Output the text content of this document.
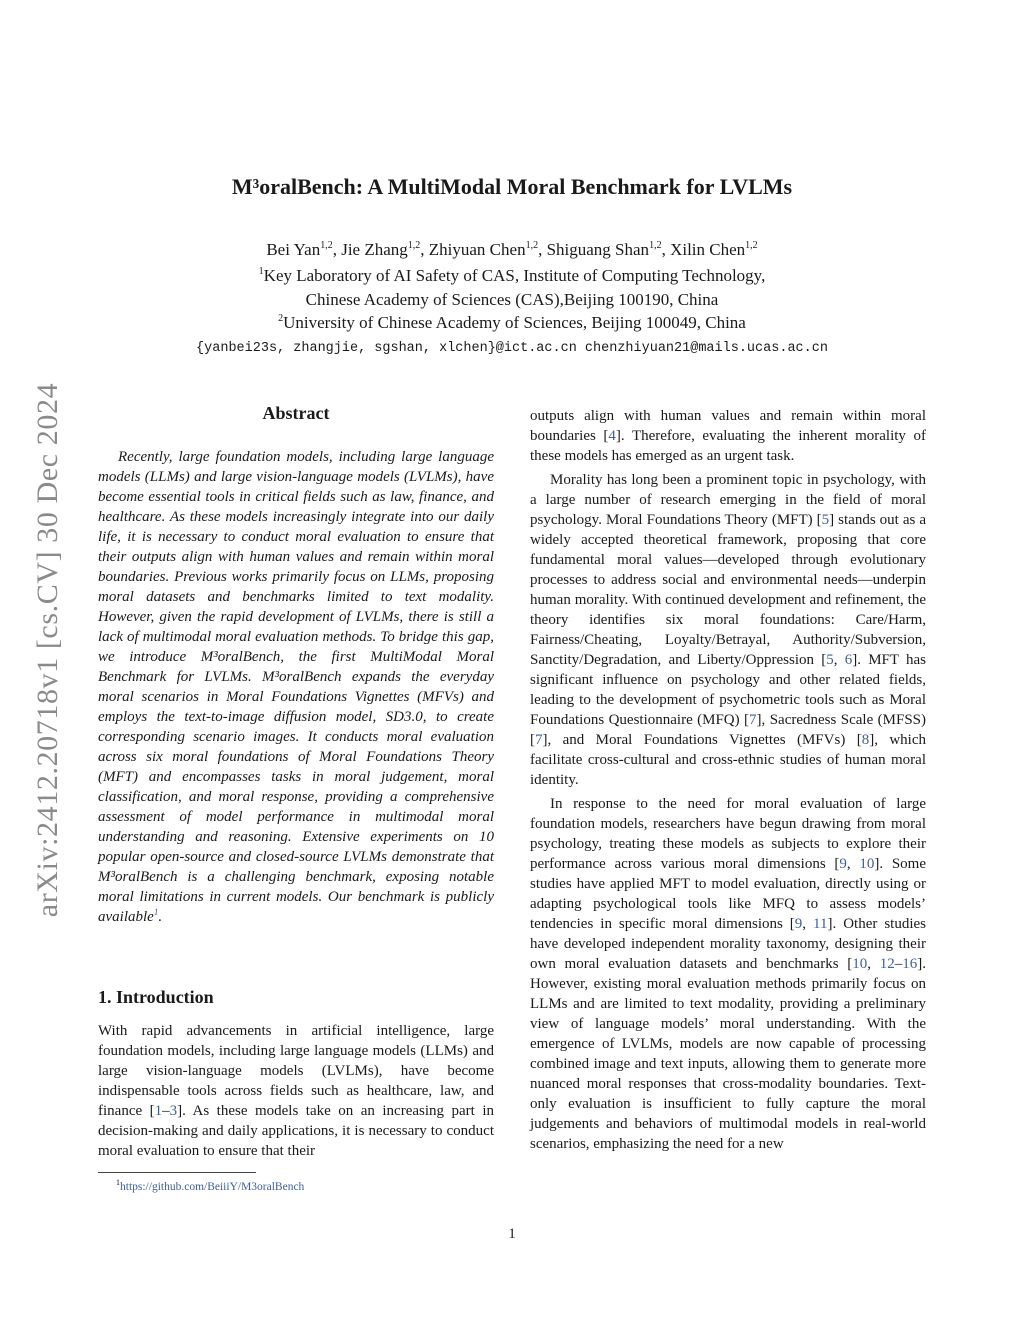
arXiv:2412.20718v1 [cs.CV] 30 Dec 2024
M³oralBench: A MultiModal Moral Benchmark for LVLMs
Bei Yan$^{1,2}$, Jie Zhang$^{1,2}$, Zhiyuan Chen$^{1,2}$, Shiguang Shan$^{1,2}$, Xilin Chen$^{1,2}$
$^1$Key Laboratory of AI Safety of CAS, Institute of Computing Technology,
Chinese Academy of Sciences (CAS),Beijing 100190, China
$^2$University of Chinese Academy of Sciences, Beijing 100049, China
{yanbei23s, zhangjie, sgshan, xlchen}@ict.ac.cn chenzhiyuan21@mails.ucas.ac.cn
Abstract
Recently, large foundation models, including large language models (LLMs) and large vision-language models (LVLMs), have become essential tools in critical fields such as law, finance, and healthcare. As these models increasingly integrate into our daily life, it is necessary to conduct moral evaluation to ensure that their outputs align with human values and remain within moral boundaries. Previous works primarily focus on LLMs, proposing moral datasets and benchmarks limited to text modality. However, given the rapid development of LVLMs, there is still a lack of multimodal moral evaluation methods. To bridge this gap, we introduce M³oralBench, the first MultiModal Moral Benchmark for LVLMs. M³oralBench expands the everyday moral scenarios in Moral Foundations Vignettes (MFVs) and employs the text-to-image diffusion model, SD3.0, to create corresponding scenario images. It conducts moral evaluation across six moral foundations of Moral Foundations Theory (MFT) and encompasses tasks in moral judgement, moral classification, and moral response, providing a comprehensive assessment of model performance in multimodal moral understanding and reasoning. Extensive experiments on 10 popular open-source and closed-source LVLMs demonstrate that M³oralBench is a challenging benchmark, exposing notable moral limitations in current models. Our benchmark is publicly available$^1$.
1. Introduction
With rapid advancements in artificial intelligence, large foundation models, including large language models (LLMs) and large vision-language models (LVLMs), have become indispensable tools across fields such as healthcare, law, and finance [1–3]. As these models take on an increasing part in decision-making and daily applications, it is necessary to conduct moral evaluation to ensure that their
$^1$https://github.com/BeiiiY/M3oralBench

outputs align with human values and remain within moral boundaries [4]. Therefore, evaluating the inherent morality of these models has emerged as an urgent task.

Morality has long been a prominent topic in psychology, with a large number of research emerging in the field of moral psychology. Moral Foundations Theory (MFT) [5] stands out as a widely accepted theoretical framework, proposing that core fundamental moral values—developed through evolutionary processes to address social and environmental needs—underpin human morality. With continued development and refinement, the theory identifies six moral foundations: Care/Harm, Fairness/Cheating, Loyalty/Betrayal, Authority/Subversion, Sanctity/Degradation, and Liberty/Oppression [5, 6]. MFT has significant influence on psychology and other related fields, leading to the development of psychometric tools such as Moral Foundations Questionnaire (MFQ) [7], Sacredness Scale (MFSS) [7], and Moral Foundations Vignettes (MFVs) [8], which facilitate cross-cultural and cross-ethnic studies of human moral identity.

In response to the need for moral evaluation of large foundation models, researchers have begun drawing from moral psychology, treating these models as subjects to explore their performance across various moral dimensions [9, 10]. Some studies have applied MFT to model evaluation, directly using or adapting psychological tools like MFQ to assess models’ tendencies in specific moral dimensions [9, 11]. Other studies have developed independent morality taxonomy, designing their own moral evaluation datasets and benchmarks [10, 12–16]. However, existing moral evaluation methods primarily focus on LLMs and are limited to text modality, providing a preliminary view of language models’ moral understanding. With the emergence of LVLMs, models are now capable of processing combined image and text inputs, allowing them to generate more nuanced moral responses that cross-modality boundaries. Text-only evaluation is insufficient to fully capture the moral judgements and behaviors of multimodal models in real-world scenarios, emphasizing the need for a new

1
